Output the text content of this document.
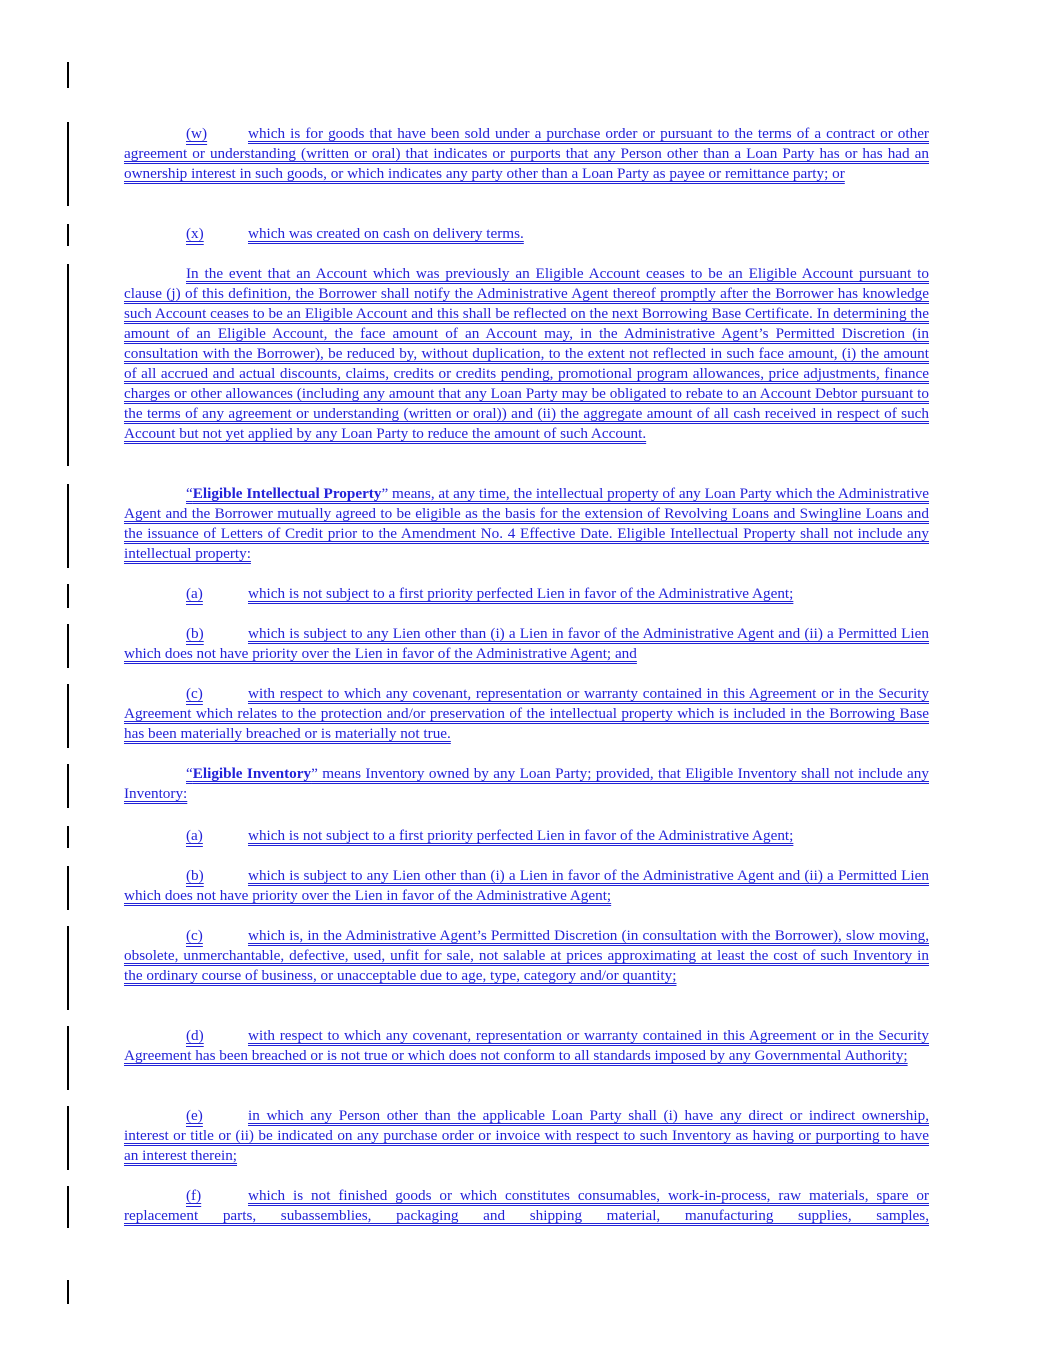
(w)	which is for goods that have been sold under a purchase order or pursuant to the terms of a contract or other agreement or understanding (written or oral) that indicates or purports that any Person other than a Loan Party has or has had an ownership interest in such goods, or which indicates any party other than a Loan Party as payee or remittance party; or

(x)	which was created on cash on delivery terms.

In the event that an Account which was previously an Eligible Account ceases to be an Eligible Account pursuant to clause (j) of this definition, the Borrower shall notify the Administrative Agent thereof promptly after the Borrower has knowledge such Account ceases to be an Eligible Account and this shall be reflected on the next Borrowing Base Certificate. In determining the amount of an Eligible Account, the face amount of an Account may, in the Administrative Agent’s Permitted Discretion (in consultation with the Borrower), be reduced by, without duplication, to the extent not reflected in such face amount, (i) the amount of all accrued and actual discounts, claims, credits or credits pending, promotional program allowances, price adjustments, finance charges or other allowances (including any amount that any Loan Party may be obligated to rebate to an Account Debtor pursuant to the terms of any agreement or understanding (written or oral)) and (ii) the aggregate amount of all cash received in respect of such Account but not yet applied by any Loan Party to reduce the amount of such Account.

“Eligible Intellectual Property” means, at any time, the intellectual property of any Loan Party which the Administrative Agent and the Borrower mutually agreed to be eligible as the basis for the extension of Revolving Loans and Swingline Loans and the issuance of Letters of Credit prior to the Amendment No. 4 Effective Date. Eligible Intellectual Property shall not include any intellectual property:

(a)	which is not subject to a first priority perfected Lien in favor of the Administrative Agent;

(b)	which is subject to any Lien other than (i) a Lien in favor of the Administrative Agent and (ii) a Permitted Lien which does not have priority over the Lien in favor of the Administrative Agent; and

(c)	with respect to which any covenant, representation or warranty contained in this Agreement or in the Security Agreement which relates to the protection and/or preservation of the intellectual property which is included in the Borrowing Base has been materially breached or is materially not true.

“Eligible Inventory” means Inventory owned by any Loan Party; provided, that Eligible Inventory shall not include any Inventory:

(a)	which is not subject to a first priority perfected Lien in favor of the Administrative Agent;

(b)	which is subject to any Lien other than (i) a Lien in favor of the Administrative Agent and (ii) a Permitted Lien which does not have priority over the Lien in favor of the Administrative Agent;

(c)	which is, in the Administrative Agent’s Permitted Discretion (in consultation with the Borrower), slow moving, obsolete, unmerchantable, defective, used, unfit for sale, not salable at prices approximating at least the cost of such Inventory in the ordinary course of business, or unacceptable due to age, type, category and/or quantity;

(d)	with respect to which any covenant, representation or warranty contained in this Agreement or in the Security Agreement has been breached or is not true or which does not conform to all standards imposed by any Governmental Authority;

(e)	in which any Person other than the applicable Loan Party shall (i) have any direct or indirect ownership, interest or title or (ii) be indicated on any purchase order or invoice with respect to such Inventory as having or purporting to have an interest therein;

(f)	which is not finished goods or which constitutes consumables, work-in-process, raw materials, spare or replacement parts, subassemblies, packaging and shipping material, manufacturing supplies, samples,
